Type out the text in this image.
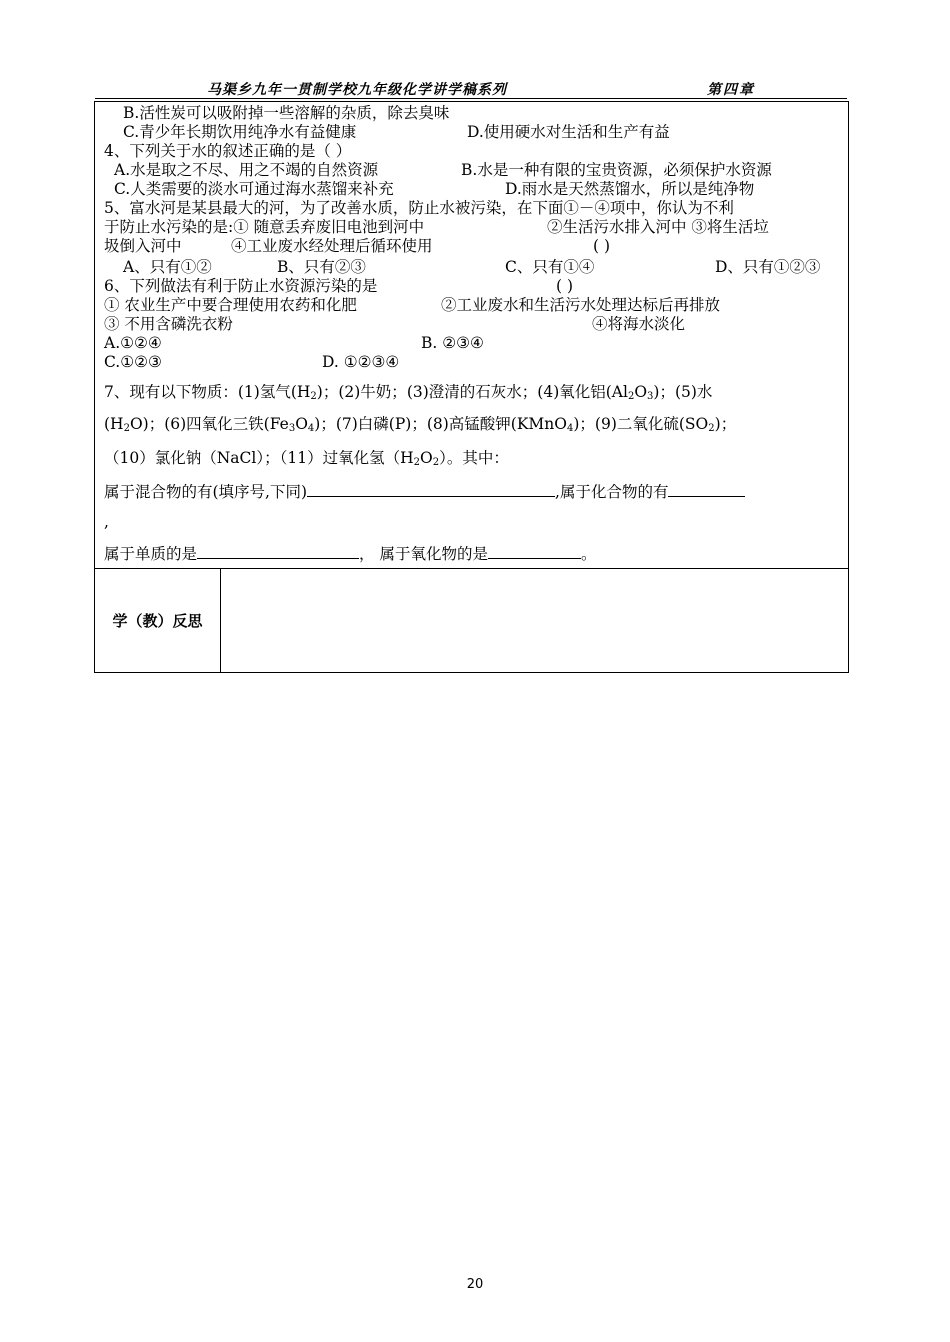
马渠乡九年一贯制学校九年级化学讲学稿系列	第四章
B.活性炭可以吸附掉一些溶解的杂质，除去臭味
C.青少年长期饮用纯净水有益健康	D.使用硬水对生活和生产有益
4、下列关于水的叙述正确的是（ ）
A.水是取之不尽、用之不竭的自然资源	B.水是一种有限的宝贵资源，必须保护水资源
C.人类需要的淡水可通过海水蒸馏来补充	D.雨水是天然蒸馏水，所以是纯净物
5、富水河是某县最大的河，为了改善水质，防止水被污染，在下面①－④项中，你认为不利
于防止水污染的是:① 随意丢弃废旧电池到河中	②生活污水排入河中 ③将生活垃
圾倒入河中	④工业废水经处理后循环使用	( )
A、只有①②	B、只有②③	C、只有①④	D、只有①②③
6、下列做法有利于防止水资源污染的是	( )
① 农业生产中要合理使用农药和化肥	②工业废水和生活污水处理达标后再排放
③ 不用含磷洗衣粉	④将海水淡化
A.①②④	B. ②③④
C.①②③	D. ①②③④
7、现有以下物质：(1)氢气$(H_2)$；(2)牛奶；(3)澄清的石灰水；(4)氧化铝$(Al_2O_3)$；(5)水
$(H_2O)$；(6)四氧化三铁$(Fe_3O_4)$；(7)白磷(P)；(8)高锰酸钾(KMnO$_4$)；(9)二氧化硫$(SO_2)$；
（10）氯化钠（NaCl）；（11）过氧化氢$(H_2O_2)$。其中：
属于混合物的有(填序号,下同)	,属于化合物的有
,
属于单质的是	， 属于氧化物的是	。
学（教）反思
20
